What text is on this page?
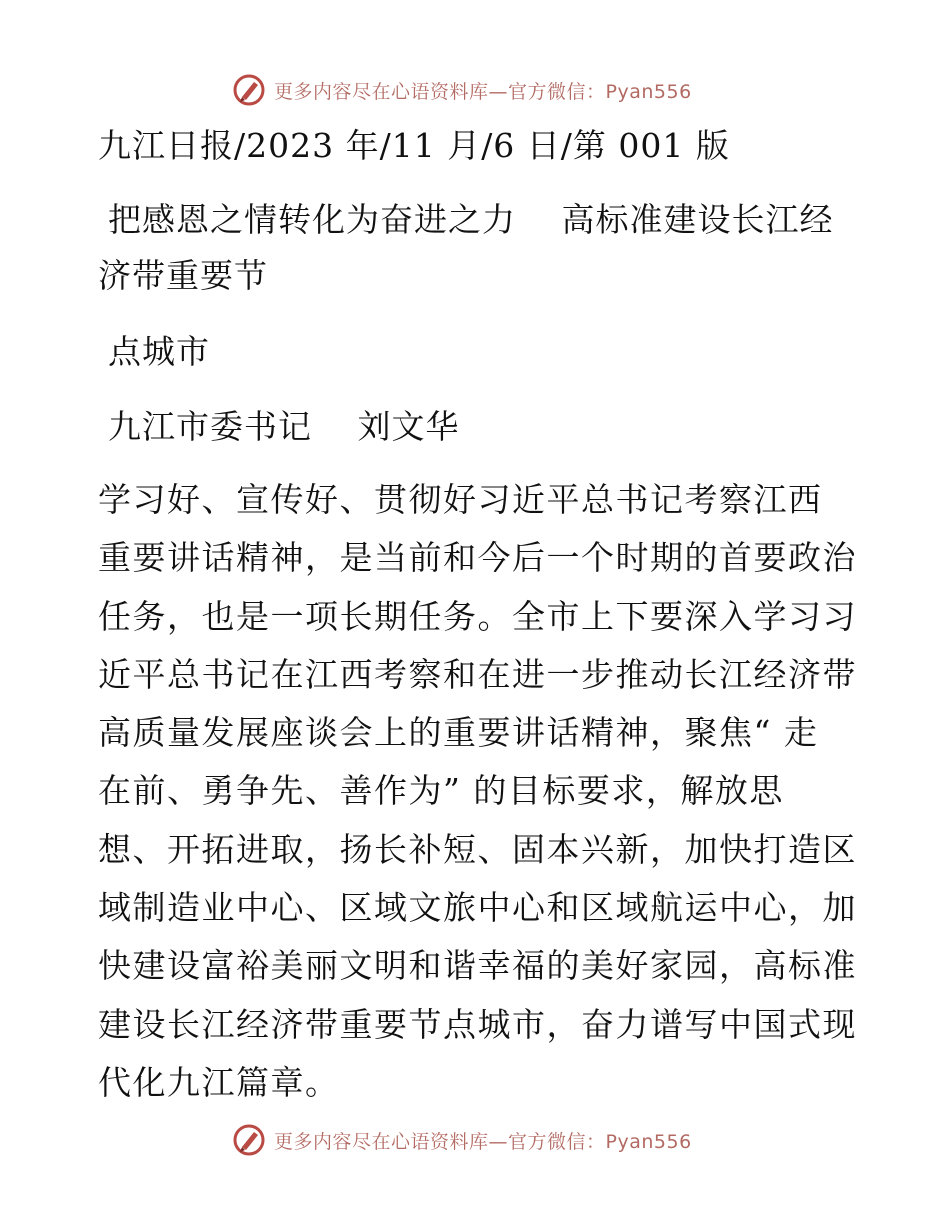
更多内容尽在心语资料库—官方微信：Pyan556
九江日报/2023 年/11 月/6 日/第 001 版
把感恩之情转化为奋进之力　 高标准建设长江经
济带重要节
点城市
九江市委书记　 刘文华
学习好、宣传好、贯彻好习近平总书记考察江西
重要讲话精神，是当前和今后一个时期的首要政治
任务，也是一项长期任务。全市上下要深入学习习
近平总书记在江西考察和在进一步推动长江经济带
高质量发展座谈会上的重要讲话精神，聚焦“ 走
在前、勇争先、善作为” 的目标要求，解放思
想、开拓进取，扬长补短、固本兴新，加快打造区
域制造业中心、区域文旅中心和区域航运中心，加
快建设富裕美丽文明和谐幸福的美好家园，高标准
建设长江经济带重要节点城市，奋力谱写中国式现
代化九江篇章。
更多内容尽在心语资料库—官方微信：Pyan556
